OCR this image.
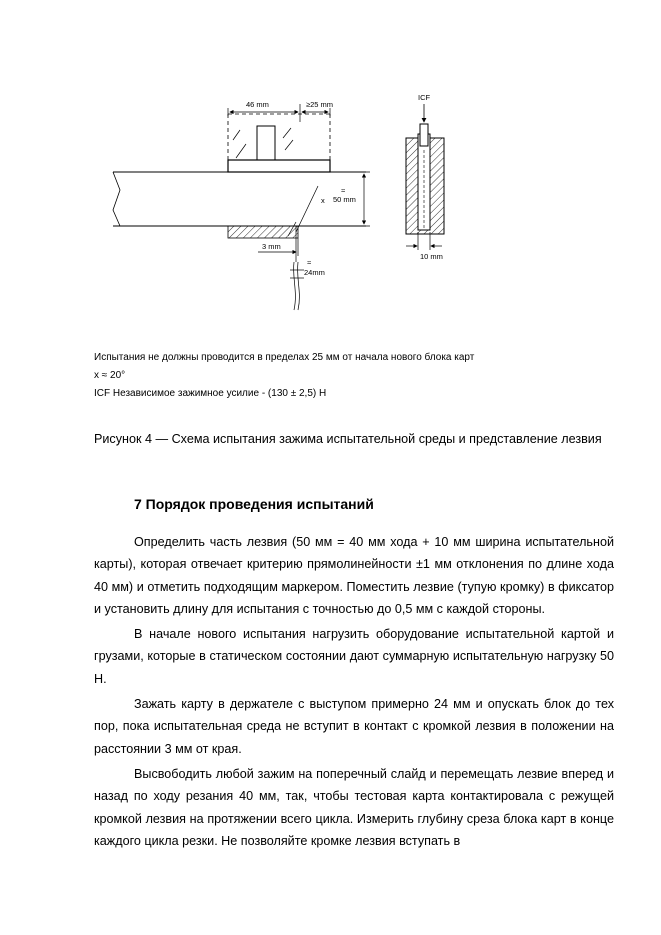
46 mm	≥25 mm
ICF
≈
50 mm
x
3 mm
≈
24mm
10 mm
Испытания не должны проводится в пределах 25 мм от начала нового блока карт
x ≈ 20°
ICF Независимое зажимное усилие - (130 ± 2,5) Н
Рисунок 4 — Схема испытания зажима испытательной среды и представление лезвия
7 Порядок проведения испытаний

Определить часть лезвия (50 мм = 40 мм хода + 10 мм ширина испытательной карты), которая отвечает критерию прямолинейности ±1 мм отклонения по длине хода 40 мм) и отметить подходящим маркером. Поместить лезвие (тупую кромку) в фиксатор и установить длину для испытания с точностью до 0,5 мм с каждой стороны.

В начале нового испытания нагрузить оборудование испытательной картой и грузами, которые в статическом состоянии дают суммарную испытательную нагрузку 50 Н.

Зажать карту в держателе с выступом примерно 24 мм и опускать блок до тех пор, пока испытательная среда не вступит в контакт с кромкой лезвия в положении на расстоянии 3 мм от края.

Высвободить любой зажим на поперечный слайд и перемещать лезвие вперед и назад по ходу резания 40 мм, так, чтобы тестовая карта контактировала с режущей кромкой лезвия на протяжении всего цикла. Измерить глубину среза блока карт в конце каждого цикла резки. Не позволяйте кромке лезвия вступать в
